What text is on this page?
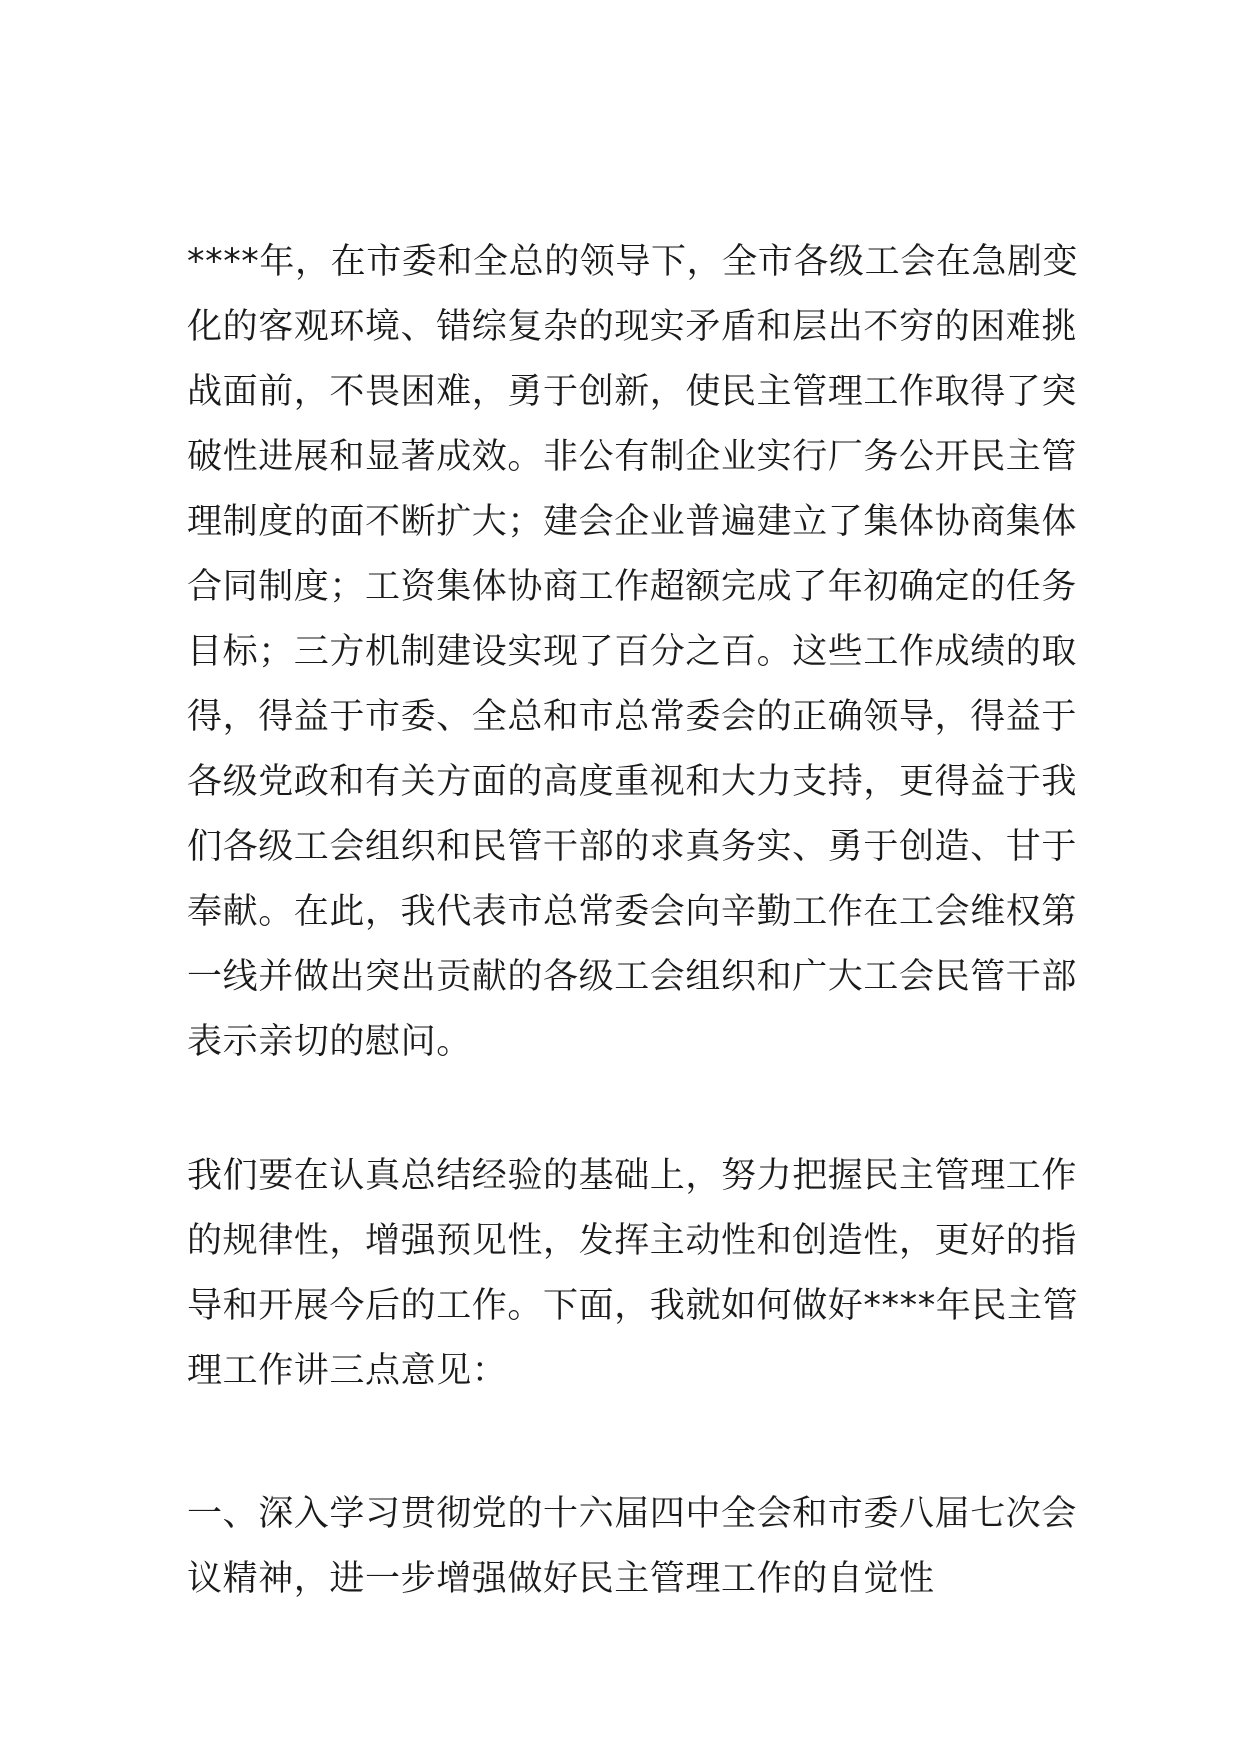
****年，在市委和全总的领导下，全市各级工会在急剧变
化的客观环境、错综复杂的现实矛盾和层出不穷的困难挑
战面前，不畏困难，勇于创新，使民主管理工作取得了突
破性进展和显著成效。非公有制企业实行厂务公开民主管
理制度的面不断扩大；建会企业普遍建立了集体协商集体
合同制度；工资集体协商工作超额完成了年初确定的任务
目标；三方机制建设实现了百分之百。这些工作成绩的取
得，得益于市委、全总和市总常委会的正确领导，得益于
各级党政和有关方面的高度重视和大力支持，更得益于我
们各级工会组织和民管干部的求真务实、勇于创造、甘于
奉献。在此，我代表市总常委会向辛勤工作在工会维权第
一线并做出突出贡献的各级工会组织和广大工会民管干部
表示亲切的慰问。
我们要在认真总结经验的基础上，努力把握民主管理工作
的规律性，增强预见性，发挥主动性和创造性，更好的指
导和开展今后的工作。下面，我就如何做好****年民主管
理工作讲三点意见：
一、深入学习贯彻党的十六届四中全会和市委八届七次会
议精神，进一步增强做好民主管理工作的自觉性
